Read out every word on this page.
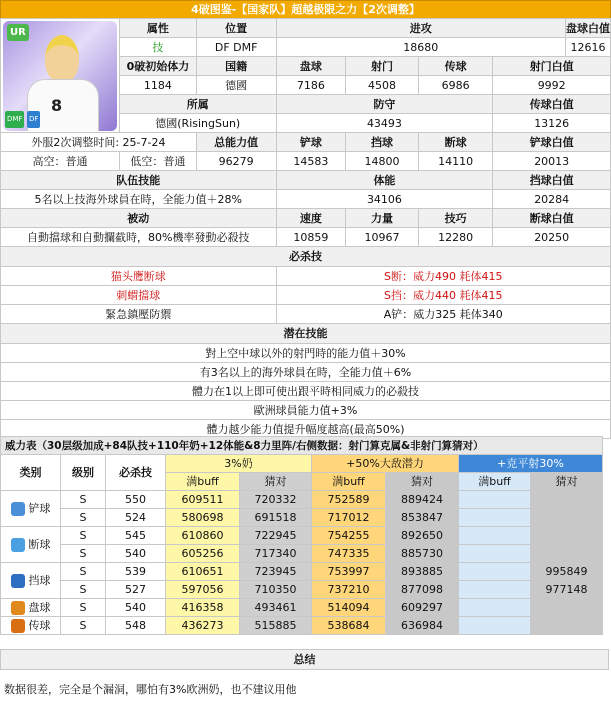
4破图鉴-【国家队】超越极限之力【2次调整】
UR
8
DMF DF	属性	位置	进攻				盘球白值
	技	DF DMF	18680				12616
	0破初始体力	国籍	盘球	射门	传球	射门白值
	1184	德國	7186	4508	6986	9992
	所属		防守			传球白值	
	德國(RisingSun)		43493			13126	
外服2次调整时间: 25-7-24		总能力值	铲球	挡球	断球	铲球白值	
高空：普通	低空：普通	96279	14583	14800	14110	20013	
队伍技能			体能			挡球白值	
5名以上技海外球員在時，全能力值＋28%			34106			20284	
被动			速度	力量	技巧	断球白值	
自動擋球和自動攔截時，80%機率發動必殺技			10859	10967	12280	20250	
必杀技							
猫头鹰断球			S断：威力490 耗体415				
刺蝟擋球			S挡：威力440 耗体415				
緊急鎮壓防禦			A铲：威力325 耗体340				
潜在技能							
對上空中球以外的射門時的能力值＋30%							
有3名以上的海外球員在時，全能力值＋6%							
體力在1以上即可使出跟平時相同威力的必殺技							
歐洲球員能力值+3%							
體力越少能力值提升幅度越高(最高50%)							
威力表（30层级加成+84队技+110年奶+12体能&8力里阵/右侧数据：射门算克属&非射门算猜对）								
类别	级别	必杀技	3%奶		+50%大敌潜力		+克平射30%	
			满buff	猜对	满buff	猜对	满buff	猜对
铲球	S	550	609511	720332	752589	889424		
	S	524	580698	691518	717012	853847		
断球	S	545	610860	722945	754255	892650		
	S	540	605256	717340	747335	885730		
挡球	S	539	610651	723945	753997	893885		995849
	S	527	597056	710350	737210	877098		977148
盘球	S	540	416358	493461	514094	609297		
传球	S	548	436273	515885	538684	636984		
总结
数据很差，完全是个漏洞，哪怕有3%欧洲奶，也不建议用他
